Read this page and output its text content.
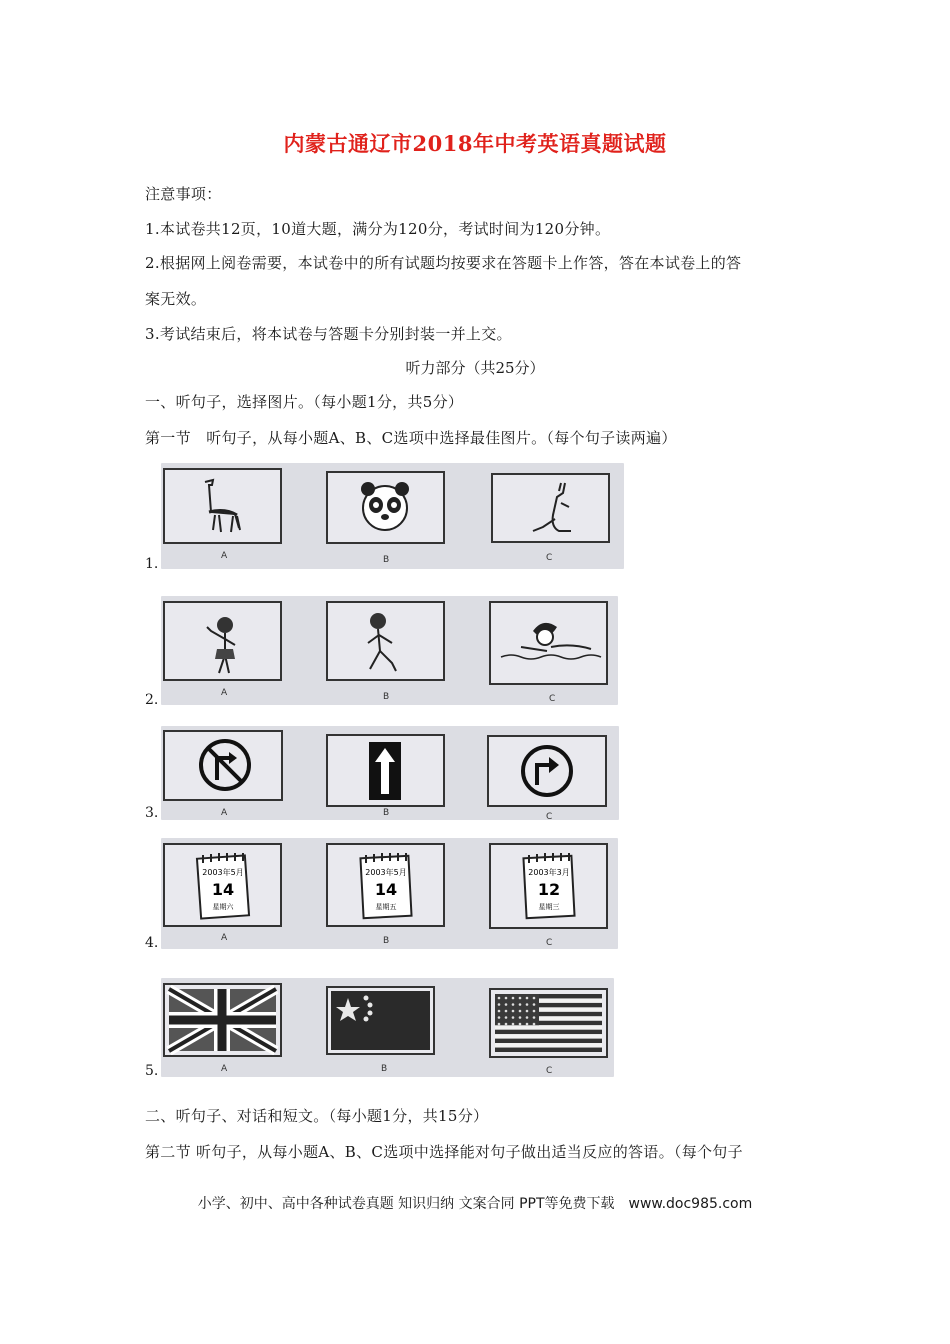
内蒙古通辽市2018年中考英语真题试题
注意事项：
1.本试卷共12页，10道大题，满分为120分，考试时间为120分钟。
2.根据网上阅卷需要，本试卷中的所有试题均按要求在答题卡上作答，答在本试卷上的答
案无效。
3.考试结束后，将本试卷与答题卡分别封装一并上交。
听力部分（共25分）
一、听句子，选择图片。（每小题1分，共5分）
第一节　听句子，从每小题A、B、C选项中选择最佳图片。（每个句子读两遍）
1.	A	B	C
2.	A	B	C
3.	A	B	C
4.
2003年5月
14
星期六
A
2003年5月
14
星期五
B
2003年3月
12
星期三
C
5.	A	B	C
二、听句子、对话和短文。（每小题1分，共15分）
第二节 听句子，从每小题A、B、C选项中选择能对句子做出适当反应的答语。（每个句子
小学、初中、高中各种试卷真题 知识归纳 文案合同 PPT等免费下载　www.doc985.com
